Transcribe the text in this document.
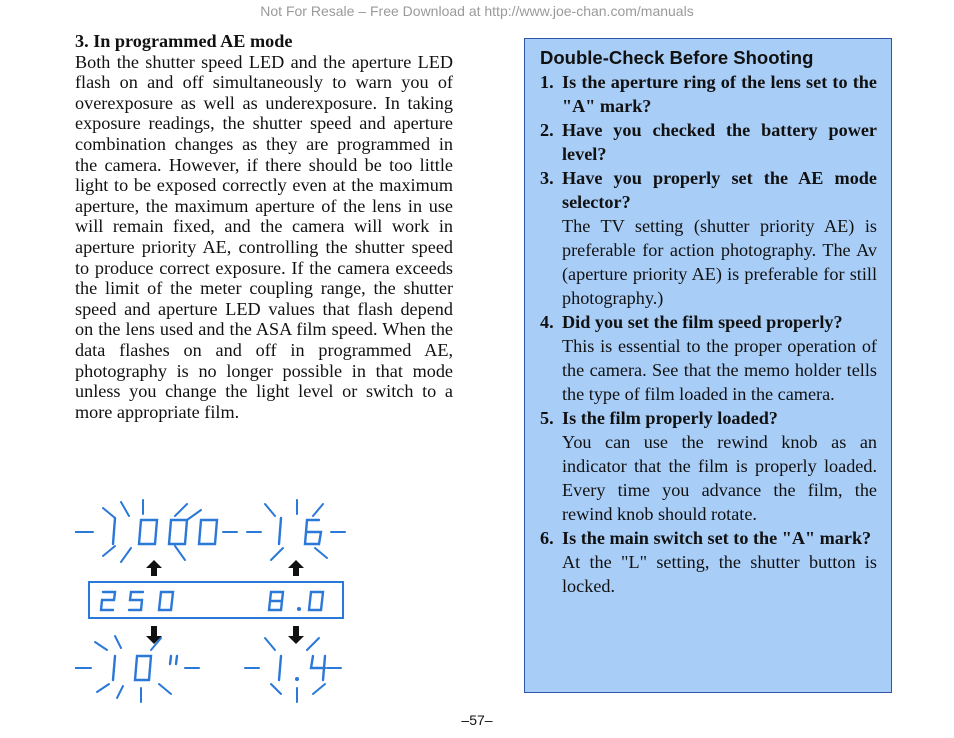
Not For Resale – Free Download at http://www.joe-chan.com/manuals
3. In programmed AE mode

Both the shutter speed LED and the aperture LED flash on and off simultaneously to warn you of overexposure as well as underexposure. In taking exposure readings, the shutter speed and aperture combination changes as they are programmed in the camera. However, if there should be too little light to be exposed correctly even at the maximum aperture, the maximum aperture of the lens in use will remain fixed, and the camera will work in aperture priority AE, controlling the shutter speed to produce correct exposure. If the camera exceeds the limit of the meter coupling range, the shutter speed and aperture LED values that flash depend on the lens used and the ASA film speed. When the data flashes on and off in programmed AE, photography is no longer possible in that mode unless you change the light level or switch to a more appropriate film.

Double-Check Before Shooting
1. Is the aperture ring of the lens set to the "A" mark?

2. Have you checked the battery power level?

3. Have you properly set the AE mode selector?

The TV setting (shutter priority AE) is preferable for action photography. The Av (aperture priority AE) is preferable for still photography.)

4. Did you set the film speed properly?

This is essential to the proper operation of the camera. See that the memo holder tells the type of film loaded in the camera.

5. Is the film properly loaded?

You can use the rewind knob as an indicator that the film is properly loaded. Every time you advance the film, the rewind knob should rotate.

6. Is the main switch set to the "A" mark?

At the "L" setting, the shutter button is locked.

–57–
